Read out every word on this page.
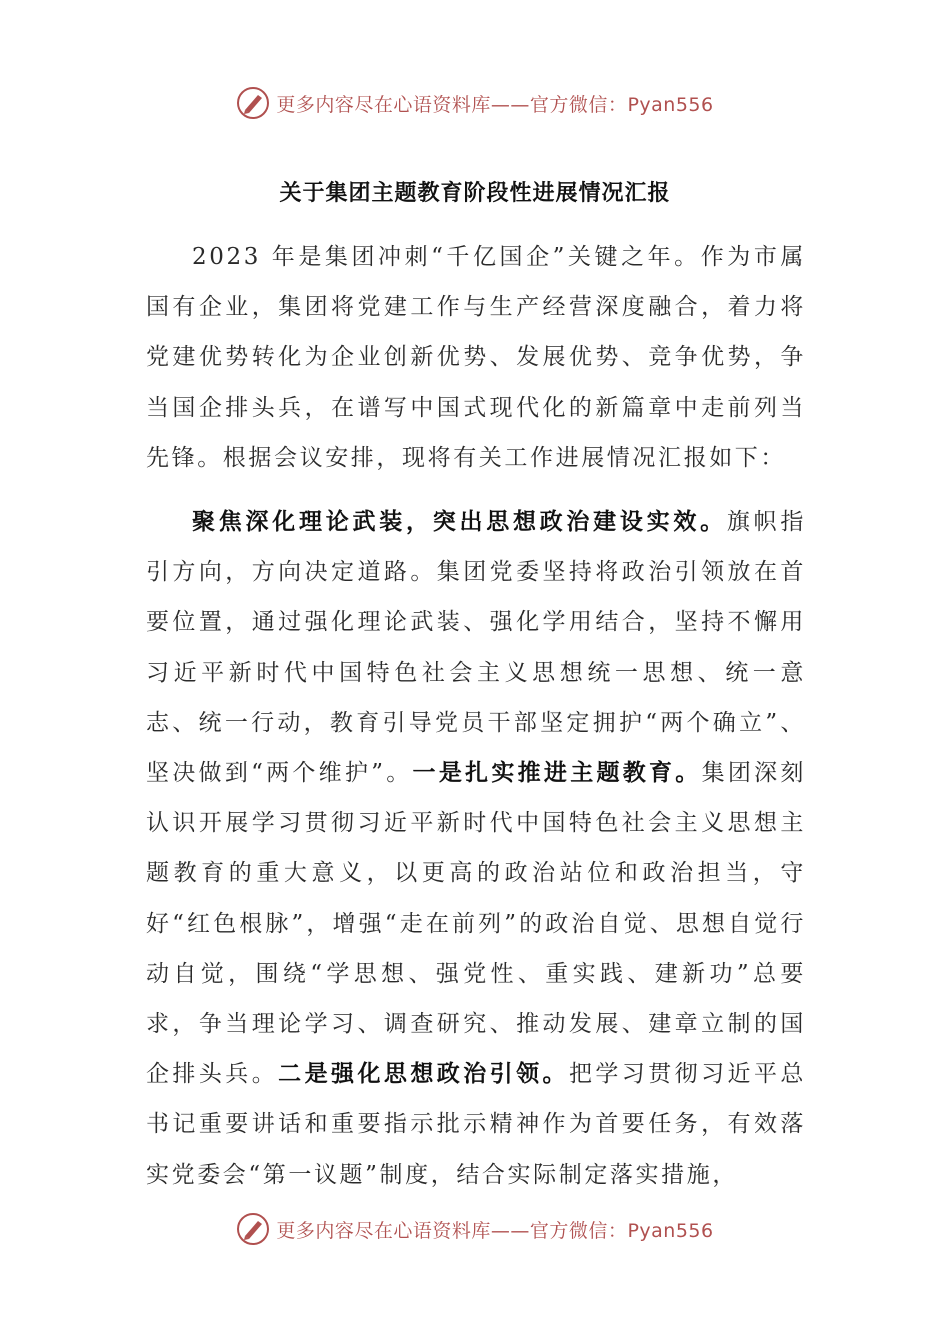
更多内容尽在心语资料库——官方微信：Pyan556
关于集团主题教育阶段性进展情况汇报

2023 年是集团冲刺“千亿国企”关键之年。作为市属国有企业，集团将党建工作与生产经营深度融合，着力将党建优势转化为企业创新优势、发展优势、竞争优势，争当国企排头兵，在谱写中国式现代化的新篇章中走前列当先锋。根据会议安排，现将有关工作进展情况汇报如下：

聚焦深化理论武装，突出思想政治建设实效。旗帜指引方向，方向决定道路。集团党委坚持将政治引领放在首要位置，通过强化理论武装、强化学用结合，坚持不懈用习近平新时代中国特色社会主义思想统一思想、统一意志、统一行动，教育引导党员干部坚定拥护“两个确立”、坚决做到“两个维护”。一是扎实推进主题教育。集团深刻认识开展学习贯彻习近平新时代中国特色社会主义思想主题教育的重大意义，以更高的政治站位和政治担当，守好“红色根脉”，增强“走在前列”的政治自觉、思想自觉行动自觉，围绕“学思想、强党性、重实践、建新功”总要求，争当理论学习、调查研究、推动发展、建章立制的国企排头兵。二是强化思想政治引领。把学习贯彻习近平总书记重要讲话和重要指示批示精神作为首要任务，有效落实党委会“第一议题”制度，结合实际制定落实措施，

更多内容尽在心语资料库——官方微信：Pyan556
